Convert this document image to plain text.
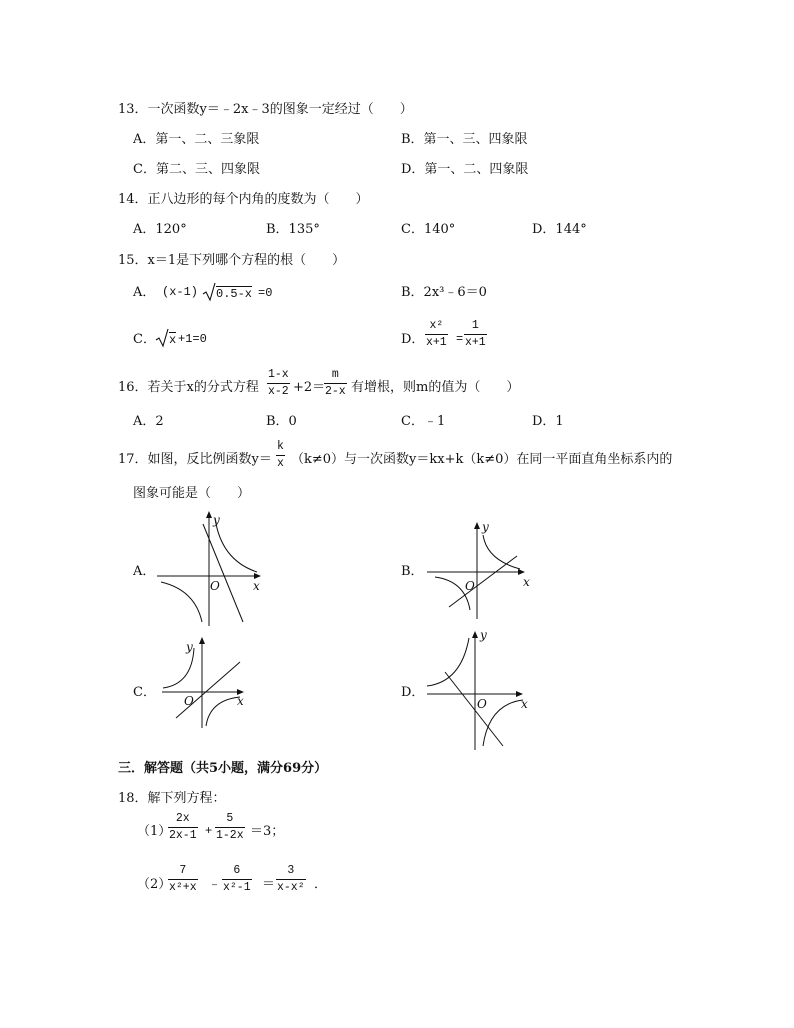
13．一次函数y＝﹣2x﹣3的图象一定经过（　　）
A．第一、二、三象限	B．第一、三、四象限
C．第二、三、四象限	D．第一、二、四象限
14．正八边形的每个内角的度数为（　　）
A．120°	B．135°	C．140°	D．144°
15．x＝1是下列哪个方程的根（　　）
A． (x-1) 0.5-x =0	B．2x³﹣6＝0
C． x +1=0	D． $\frac{\text{x²}}{x+1} = \frac{1}{x+1}$
16．若关于x的分式方程 $\frac{1-x}{x-2} +2=$
$\frac{m}{2-x}$ 有增根，则m的值为（　　）
A．2	B．0	C．﹣1	D．1
17．如图，反比例函数$y= \frac{k}{x} (k\ne 0)$与一次函数y＝kx+k（k≠0）在同一平面直角坐标系内的
图象可能是（　　）
A．	B．
C．	D．
y
x
O
y
x
O
y
x
O
y
x
O
三．解答题（共5小题，满分69分）
18．解下列方程：
（1）
$\frac{2x}{2x-1} + \frac{5}{1-2x} =3$；
（2）
$\frac{7}{\text{x²+x}}$ ﹣ $\frac{6}{\text{x²-1}} = \frac{3}{\text{x-x²}}$ ．
